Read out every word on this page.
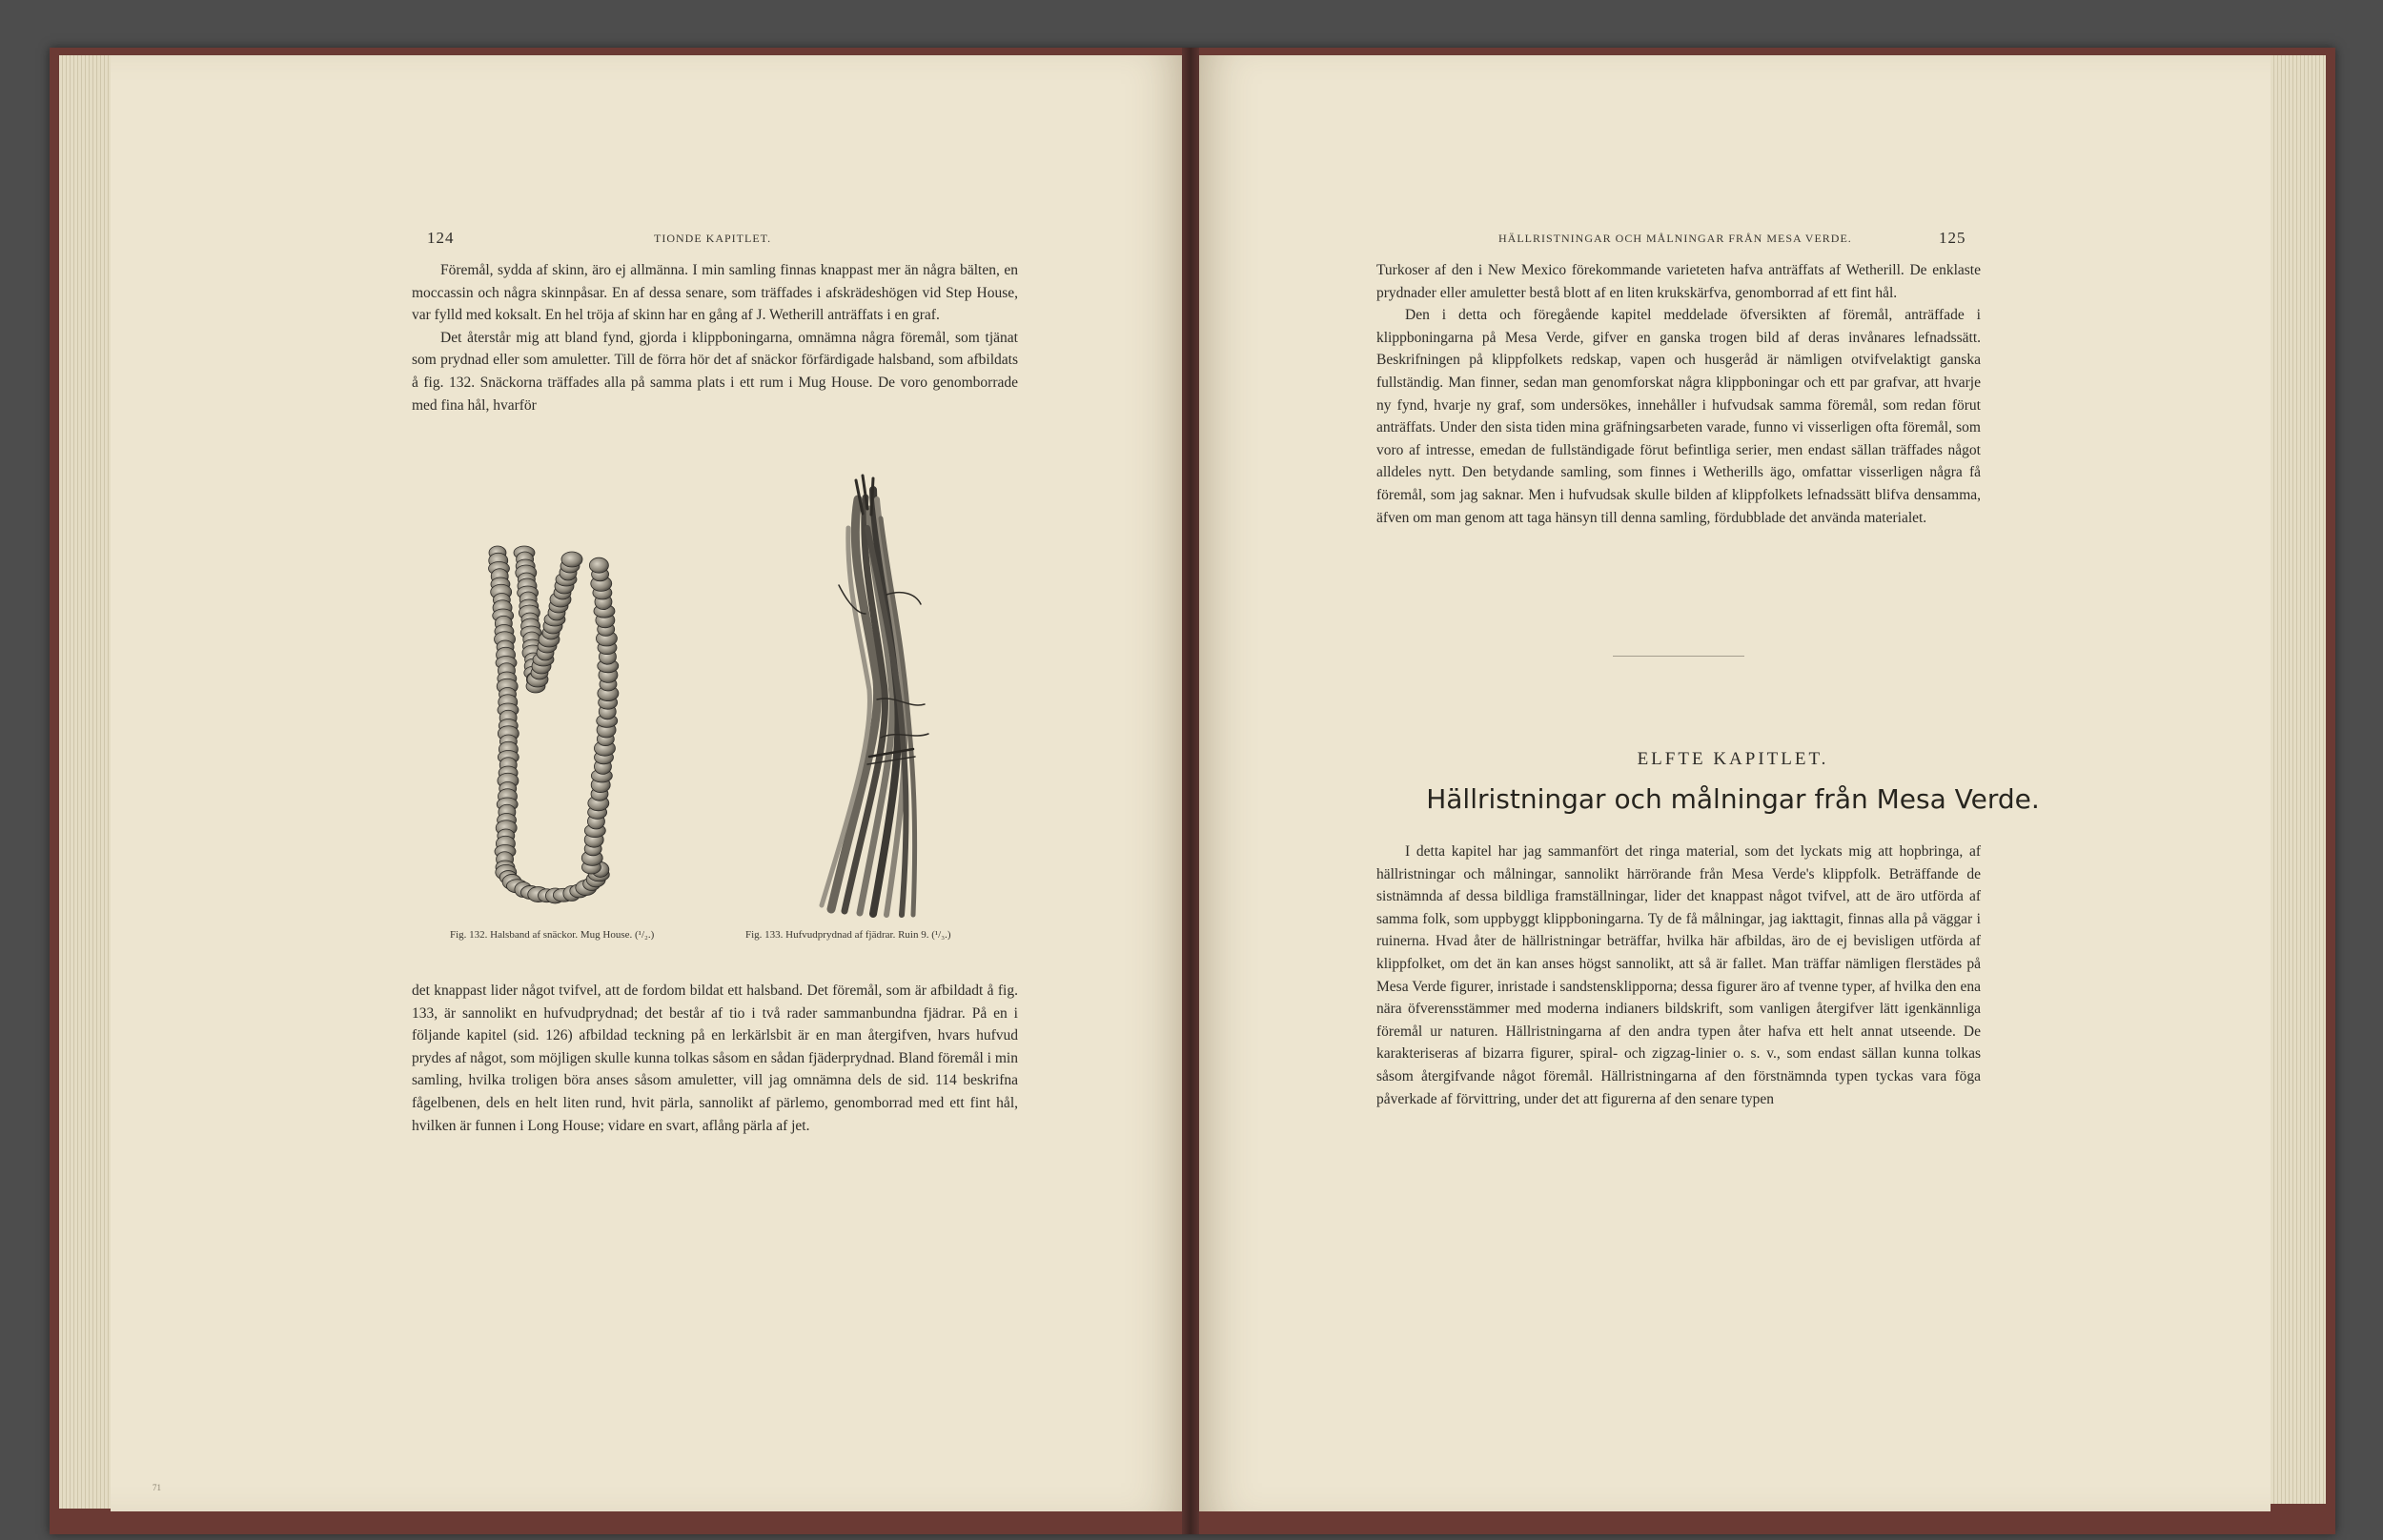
124	TIONDE KAPITLET.

Föremål, sydda af skinn, äro ej allmänna. I min samling finnas knappast mer än några bälten, en moccassin och några skinnpåsar. En af dessa senare, som träffades i afskrädeshögen vid Step House, var fylld med koksalt. En hel tröja af skinn har en gång af J. Wetherill anträffats i en graf.

Det återstår mig att bland fynd, gjorda i klippboningarna, omnämna några föremål, som tjänat som prydnad eller som amuletter. Till de förra hör det af snäckor förfärdigade halsband, som afbildats å fig. 132. Snäckorna träffades alla på samma plats i ett rum i Mug House. De voro genomborrade med fina hål, hvarför

Fig. 132. Halsband af snäckor. Mug House. (¹/₂.)	Fig. 133. Hufvudprydnad af fjädrar. Ruin 9. (¹/₃.)

det knappast lider något tvifvel, att de fordom bildat ett halsband. Det föremål, som är afbildadt å fig. 133, är sannolikt en hufvudprydnad; det består af tio i två rader sammanbundna fjädrar. På en i följande kapitel (sid. 126) afbildad teckning på en lerkärlsbit är en man återgifven, hvars hufvud prydes af något, som möjligen skulle kunna tolkas såsom en sådan fjäderprydnad. Bland föremål i min samling, hvilka troligen böra anses såsom amuletter, vill jag omnämna dels de sid. 114 beskrifna fågelbenen, dels en helt liten rund, hvit pärla, sannolikt af pärlemo, genomborrad med ett fint hål, hvilken är funnen i Long House; vidare en svart, aflång pärla af jet.

71
HÄLLRISTNINGAR OCH MÅLNINGAR FRÅN MESA VERDE.	125

Turkoser af den i New Mexico förekommande varieteten hafva anträffats af Wetherill. De enklaste prydnader eller amuletter bestå blott af en liten krukskärfva, genomborrad af ett fint hål.

Den i detta och föregående kapitel meddelade öfversikten af föremål, anträffade i klippboningarna på Mesa Verde, gifver en ganska trogen bild af deras invånares lefnadssätt. Beskrifningen på klippfolkets redskap, vapen och husgeråd är nämligen otvifvelaktigt ganska fullständig. Man finner, sedan man genomforskat några klippboningar och ett par grafvar, att hvarje ny fynd, hvarje ny graf, som undersökes, innehåller i hufvudsak samma föremål, som redan förut anträffats. Under den sista tiden mina gräfningsarbeten varade, funno vi visserligen ofta föremål, som voro af intresse, emedan de fullständigade förut befintliga serier, men endast sällan träffades något alldeles nytt. Den betydande samling, som finnes i Wetherills ägo, omfattar visserligen några få föremål, som jag saknar. Men i hufvudsak skulle bilden af klippfolkets lefnadssätt blifva densamma, äfven om man genom att taga hänsyn till denna samling, fördubblade det använda materialet.

ELFTE KAPITLET.
Hällristningar och målningar från Mesa Verde.

I detta kapitel har jag sammanfört det ringa material, som det lyckats mig att hopbringa, af hällristningar och målningar, sannolikt härrörande från Mesa Verde's klippfolk. Beträffande de sistnämnda af dessa bildliga framställningar, lider det knappast något tvifvel, att de äro utförda af samma folk, som uppbyggt klippboningarna. Ty de få målningar, jag iakttagit, finnas alla på väggar i ruinerna. Hvad åter de hällristningar beträffar, hvilka här afbildas, äro de ej bevisligen utförda af klippfolket, om det än kan anses högst sannolikt, att så är fallet. Man träffar nämligen flerstädes på Mesa Verde figurer, inristade i sandstensklipporna; dessa figurer äro af tvenne typer, af hvilka den ena nära öfverensstämmer med moderna indianers bildskrift, som vanligen återgifver lätt igenkännliga föremål ur naturen. Hällristningarna af den andra typen åter hafva ett helt annat utseende. De karakteriseras af bizarra figurer, spiral- och zigzag-linier o. s. v., som endast sällan kunna tolkas såsom återgifvande något föremål. Hällristningarna af den förstnämnda typen tyckas vara föga påverkade af förvittring, under det att figurerna af den senare typen
